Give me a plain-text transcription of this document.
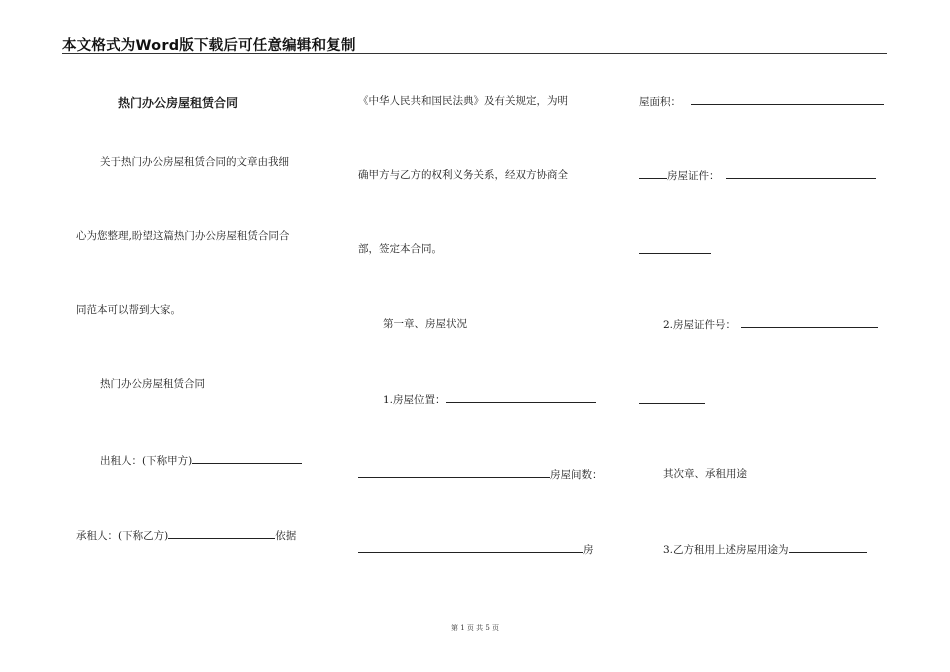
本文格式为Word版下载后可任意编辑和复制
热门办公房屋租赁合同
关于热门办公房屋租赁合同的文章由我细
心为您整理,盼望这篇热门办公房屋租赁合同合
同范本可以帮到大家。
热门办公房屋租赁合同
出租人：(下称甲方)
承租人：(下称乙方)	依据
《中华人民共和国民法典》及有关规定，为明
确甲方与乙方的权利义务关系，经双方协商全
部，签定本合同。
第一章、房屋状况
1.房屋位置：
房屋间数：
房
屋面积：
房屋证件：
2.房屋证件号：
其次章、承租用途
3.乙方租用上述房屋用途为
第 1 页 共 5 页
